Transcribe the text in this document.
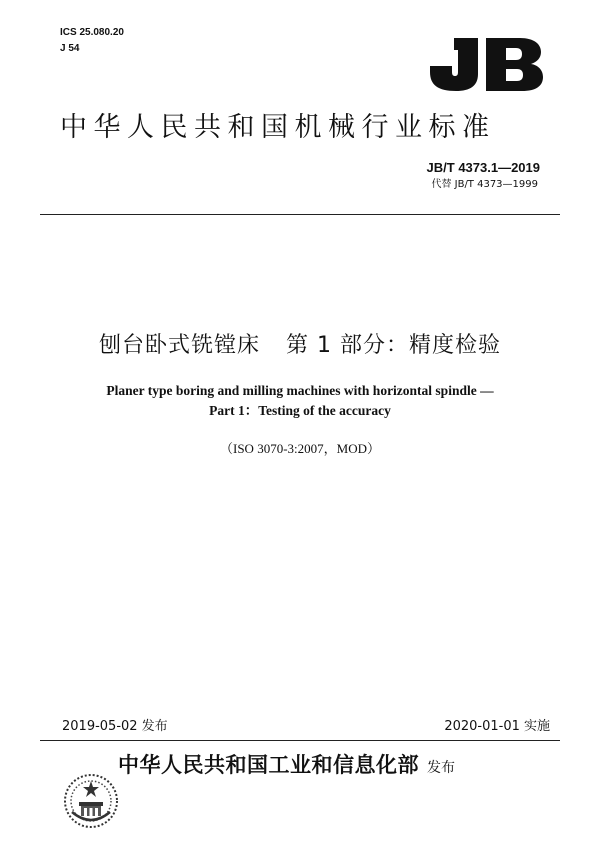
ICS 25.080.20
J 54
中华人民共和国机械行业标准
JB/T 4373.1—2019
代替 JB/T 4373—1999
刨台卧式铣镗床 第 1 部分：精度检验
Planer type boring and milling machines with horizontal spindle —
Part 1：Testing of the accuracy
（ISO 3070-3:2007，MOD）
2019-05-02 发布	2020-01-01 实施
中华人民共和国工业和信息化部 发布
